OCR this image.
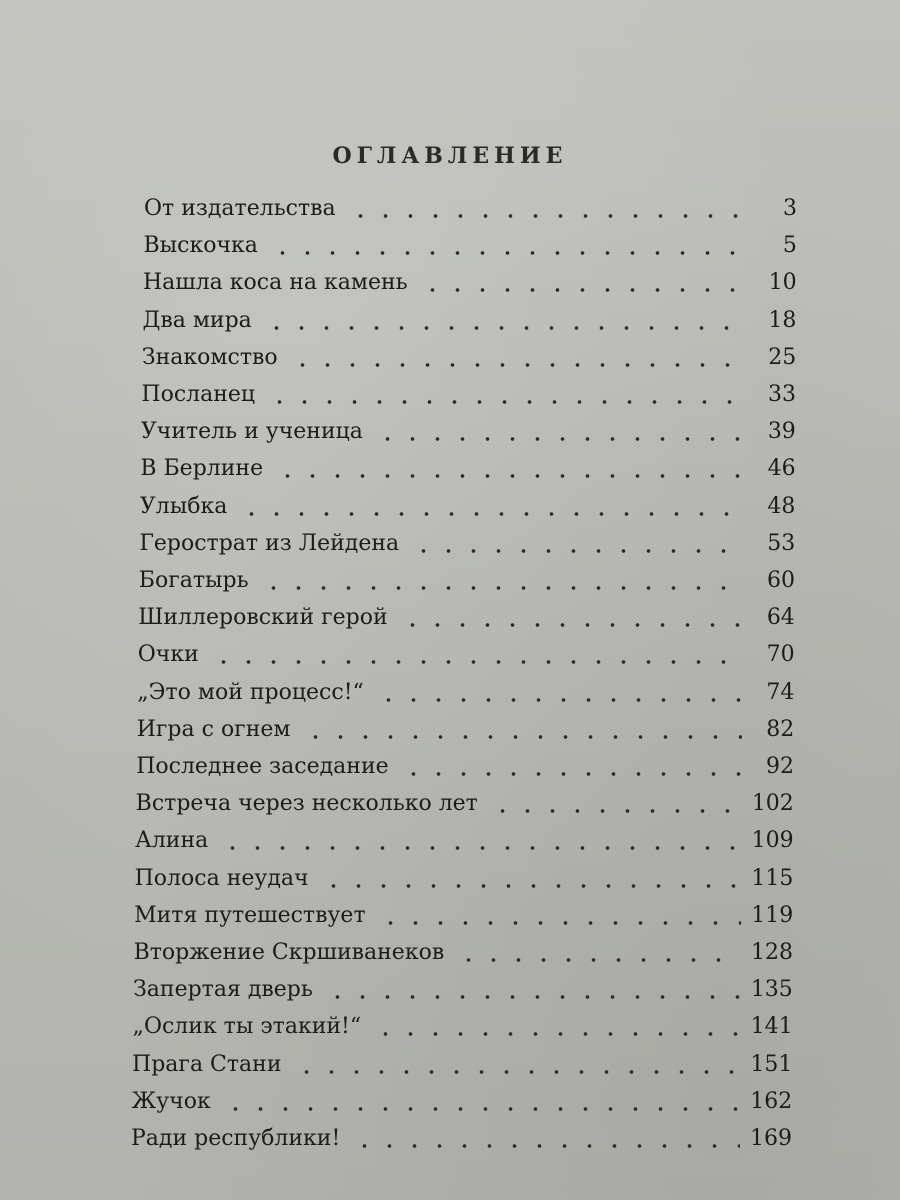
ОГЛАВЛЕНИЕ
От издательства	3
Выскочка	5
Нашла коса на камень	10
Два мира	18
Знакомство	25
Посланец	33
Учитель и ученица	39
В Берлине	46
Улыбка	48
Герострат из Лейдена	53
Богатырь	60
Шиллеровский герой	64
Очки	70
„Это мой процесс!“	74
Игра с огнем	82
Последнее заседание	92
Встреча через несколько лет	102
Алина	109
Полоса неудач	115
Митя путешествует	119
Вторжение Скршиванеков	128
Запертая дверь	135
„Ослик ты этакий!“	141
Прага Стани	151
Жучок	162
Ради республики!	169
